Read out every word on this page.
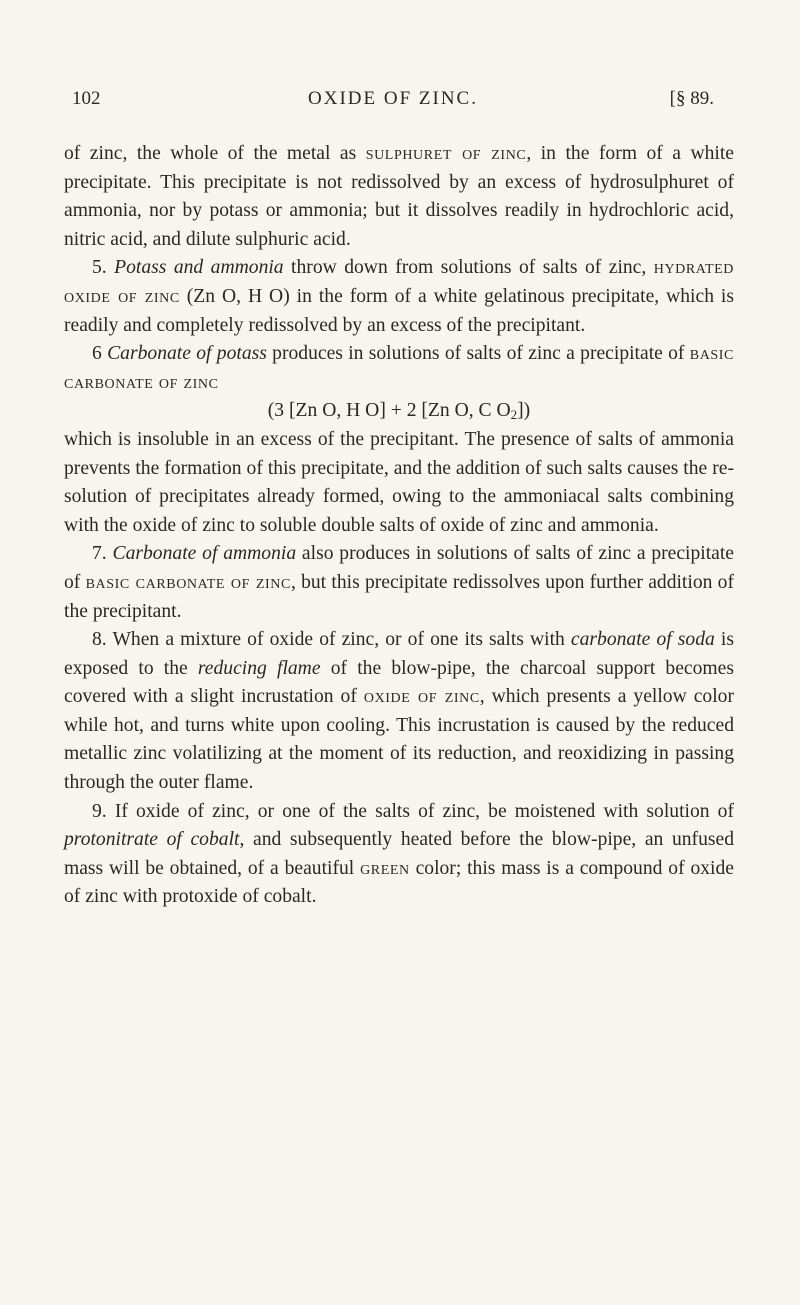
102	OXIDE OF ZINC.	[§ 89.

of zinc, the whole of the metal as sulphuret of zinc, in the form of a white precipitate. This precipitate is not redissolved by an excess of hydrosulphuret of ammonia, nor by potass or ammonia; but it dissolves readily in hydrochloric acid, nitric acid, and dilute sulphuric acid.

5. Potass and ammonia throw down from solutions of salts of zinc, hydrated oxide of zinc (Zn O, H O) in the form of a white gelatinous precipitate, which is readily and completely redissolved by an excess of the precipitant.

6 Carbonate of potass produces in solutions of salts of zinc a precipitate of basic carbonate of zinc

(3 [Zn O, H O] + 2 [Zn O, C $O_2$])

which is insoluble in an excess of the precipitant. The presence of salts of ammonia prevents the formation of this precipitate, and the addition of such salts causes the re-solution of precipitates already formed, owing to the ammoniacal salts combining with the oxide of zinc to soluble double salts of oxide of zinc and ammonia.

7. Carbonate of ammonia also produces in solutions of salts of zinc a precipitate of basic carbonate of zinc, but this precipitate redissolves upon further addition of the precipitant.

8. When a mixture of oxide of zinc, or of one its salts with carbonate of soda is exposed to the reducing flame of the blow-pipe, the charcoal support becomes covered with a slight incrustation of oxide of zinc, which presents a yellow color while hot, and turns white upon cooling. This incrustation is caused by the reduced metallic zinc volatilizing at the moment of its reduction, and reoxidizing in passing through the outer flame.

9. If oxide of zinc, or one of the salts of zinc, be moistened with solution of protonitrate of cobalt, and subsequently heated before the blow-pipe, an unfused mass will be obtained, of a beautiful green color; this mass is a compound of oxide of zinc with protoxide of cobalt.
